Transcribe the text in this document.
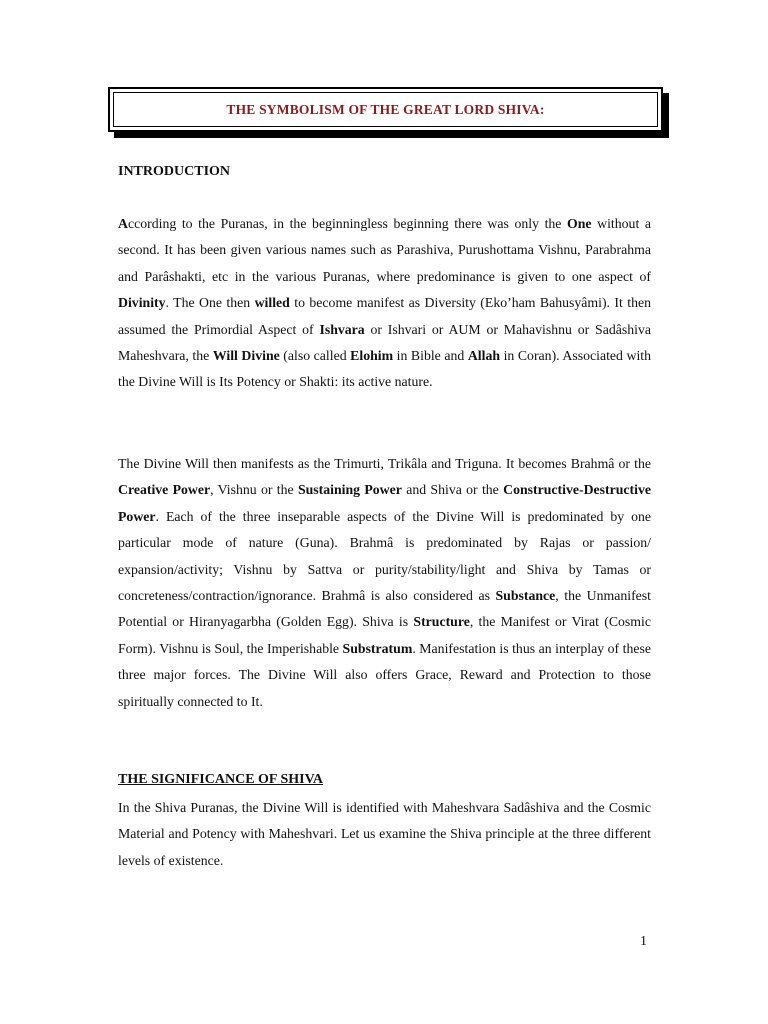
THE SYMBOLISM OF THE GREAT LORD SHIVA:
INTRODUCTION

According to the Puranas, in the beginningless beginning there was only the One without a second. It has been given various names such as Parashiva, Purushottama Vishnu, Parabrahma and Parâshakti, etc in the various Puranas, where predominance is given to one aspect of Divinity. The One then willed to become manifest as Diversity (Eko’ham Bahusyâmi). It then assumed the Primordial Aspect of Ishvara or Ishvari or AUM or Mahavishnu or Sadâshiva Maheshvara, the Will Divine (also called Elohim in Bible and Allah in Coran). Associated with the Divine Will is Its Potency or Shakti: its active nature.

The Divine Will then manifests as the Trimurti, Trikâla and Triguna. It becomes Brahmâ or the Creative Power, Vishnu or the Sustaining Power and Shiva or the Constructive-Destructive Power. Each of the three inseparable aspects of the Divine Will is predominated by one particular mode of nature (Guna). Brahmâ is predominated by Rajas or passion/ expansion/activity; Vishnu by Sattva or purity/stability/light and Shiva by Tamas or concreteness/contraction/ignorance. Brahmâ is also considered as Substance, the Unmanifest Potential or Hiranyagarbha (Golden Egg). Shiva is Structure, the Manifest or Virat (Cosmic Form). Vishnu is Soul, the Imperishable Substratum. Manifestation is thus an interplay of these three major forces. The Divine Will also offers Grace, Reward and Protection to those spiritually connected to It.

THE SIGNIFICANCE OF SHIVA

In the Shiva Puranas, the Divine Will is identified with Maheshvara Sadâshiva and the Cosmic Material and Potency with Maheshvari. Let us examine the Shiva principle at the three different levels of existence.

1
